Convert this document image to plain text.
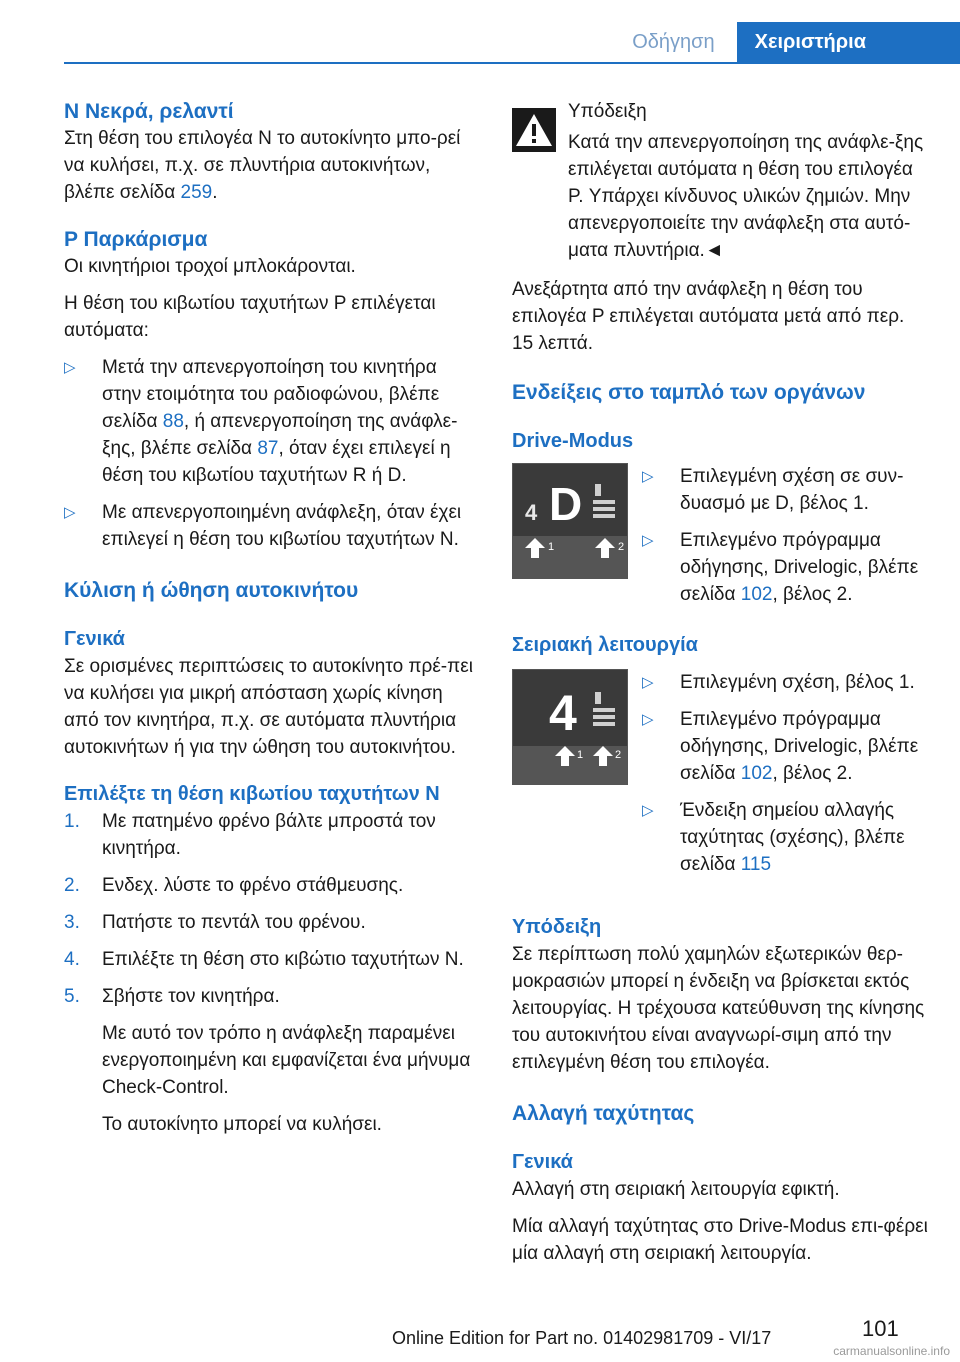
Οδήγηση	Χειριστήρια
N Νεκρά, ρελαντί

Στη θέση του επιλογέα N το αυτοκίνητο μπο-ρεί να κυλήσει, π.χ. σε πλυντήρια αυτοκινήτων, βλέπε σελίδα 259.

P Παρκάρισμα

Οι κινητήριοι τροχοί μπλοκάρονται.

Η θέση του κιβωτίου ταχυτήτων P επιλέγεται αυτόματα:

▷ Μετά την απενεργοποίηση του κινητήρα στην ετοιμότητα του ραδιοφώνου, βλέπε σελίδα 88, ή απενεργοποίηση της ανάφλε-ξης, βλέπε σελίδα 87, όταν έχει επιλεγεί η θέση του κιβωτίου ταχυτήτων R ή D.
▷ Με απενεργοποιημένη ανάφλεξη, όταν έχει επιλεγεί η θέση του κιβωτίου ταχυτήτων N.
Κύλιση ή ώθηση αυτοκινήτου
Γενικά

Σε ορισμένες περιπτώσεις το αυτοκίνητο πρέ-πει να κυλήσει για μικρή απόσταση χωρίς κίνηση από τον κινητήρα, π.χ. σε αυτόματα πλυντήρια αυτοκινήτων ή για την ώθηση του αυτοκινήτου.

Επιλέξτε τη θέση κιβωτίου ταχυτήτων N
1. Με πατημένο φρένο βάλτε μπροστά τον κινητήρα.
2. Ενδεχ. λύστε το φρένο στάθμευσης.
3. Πατήστε το πεντάλ του φρένου.
4. Επιλέξτε τη θέση στο κιβώτιο ταχυτήτων N.
5. Σβήστε τον κινητήρα.

Με αυτό τον τρόπο η ανάφλεξη παραμένει ενεργοποιημένη και εμφανίζεται ένα μήνυμα Check-Control.

Το αυτοκίνητο μπορεί να κυλήσει.

Υπόδειξη

Κατά την απενεργοποίηση της ανάφλε-ξης επιλέγεται αυτόματα η θέση του επιλογέα P. Υπάρχει κίνδυνος υλικών ζημιών. Μην απενεργοποιείτε την ανάφλεξη στα αυτό-ματα πλυντήρια.◄

Ανεξάρτητα από την ανάφλεξη η θέση του επιλογέα P επιλέγεται αυτόματα μετά από περ. 15 λεπτά.

Ενδείξεις στο ταμπλό των οργάνων
Drive-Modus
4 D
1	2
▷ Επιλεγμένη σχέση σε συν-δυασμό με D, βέλος 1.
▷ Επιλεγμένο πρόγραμμα οδήγησης, Drivelogic, βλέπε σελίδα 102, βέλος 2.
Σειριακή λειτουργία
4
1	2
▷ Επιλεγμένη σχέση, βέλος 1.
▷ Επιλεγμένο πρόγραμμα οδήγησης, Drivelogic, βλέπε σελίδα 102, βέλος 2.
▷ Ένδειξη σημείου αλλαγής ταχύτητας (σχέσης), βλέπε σελίδα 115
Υπόδειξη

Σε περίπτωση πολύ χαμηλών εξωτερικών θερ-μοκρασιών μπορεί η ένδειξη να βρίσκεται εκτός λειτουργίας. Η τρέχουσα κατεύθυνση της κίνησης του αυτοκινήτου είναι αναγνωρί-σιμη από την επιλεγμένη θέση του επιλογέα.

Αλλαγή ταχύτητας
Γενικά

Αλλαγή στη σειριακή λειτουργία εφικτή.

Μία αλλαγή ταχύτητας στο Drive-Modus επι-φέρει μία αλλαγή στη σειριακή λειτουργία.

101
Online Edition for Part no. 01402981709 - VI/17
carmanualsonline.info
